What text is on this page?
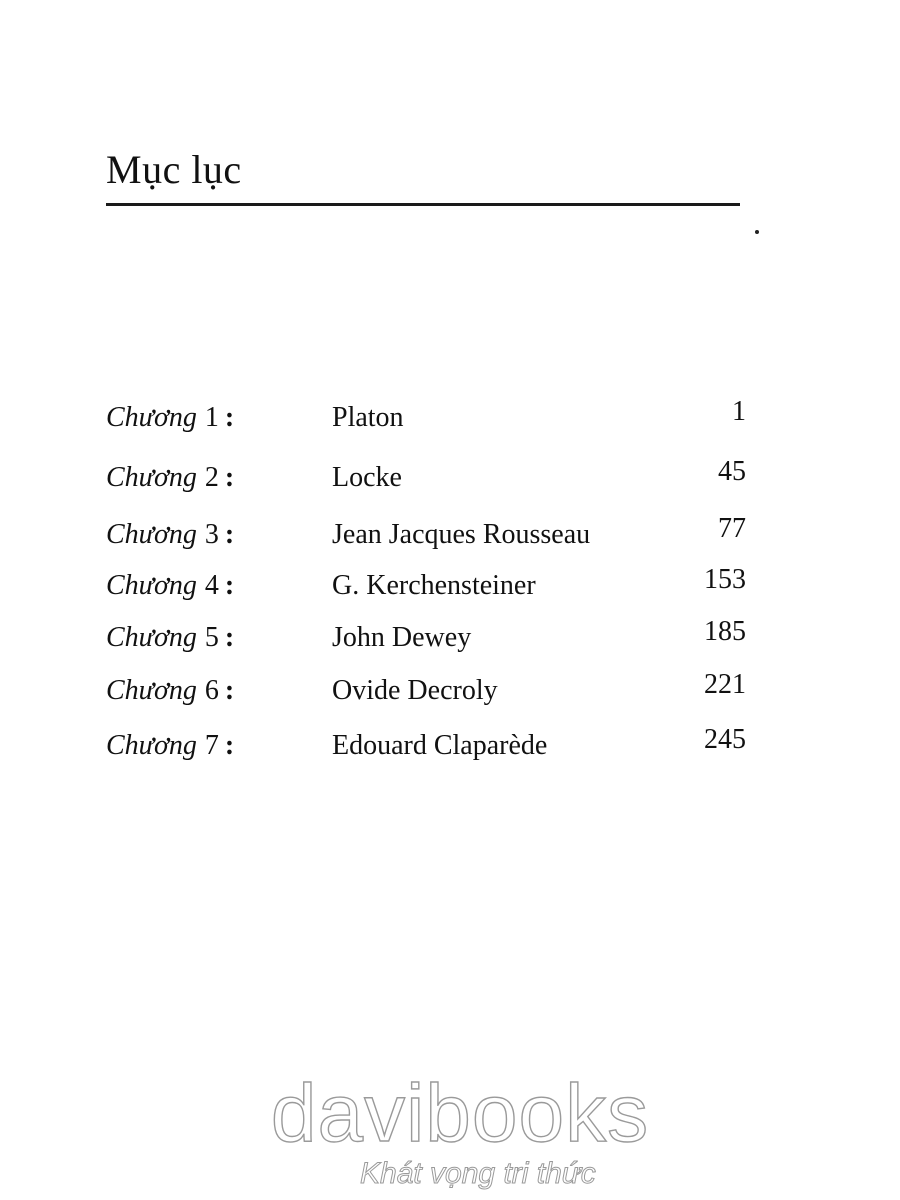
Mục lục
Chương 1 :	Platon	1
Chương 2 :	Locke	45
Chương 3 :	Jean Jacques Rousseau	77
Chương 4 :	G. Kerchensteiner	153
Chương 5 :	John Dewey	185
Chương 6 :	Ovide Decroly	221
Chương 7 :	Edouard Claparède	245
davibooks
Khát vọng tri thức
